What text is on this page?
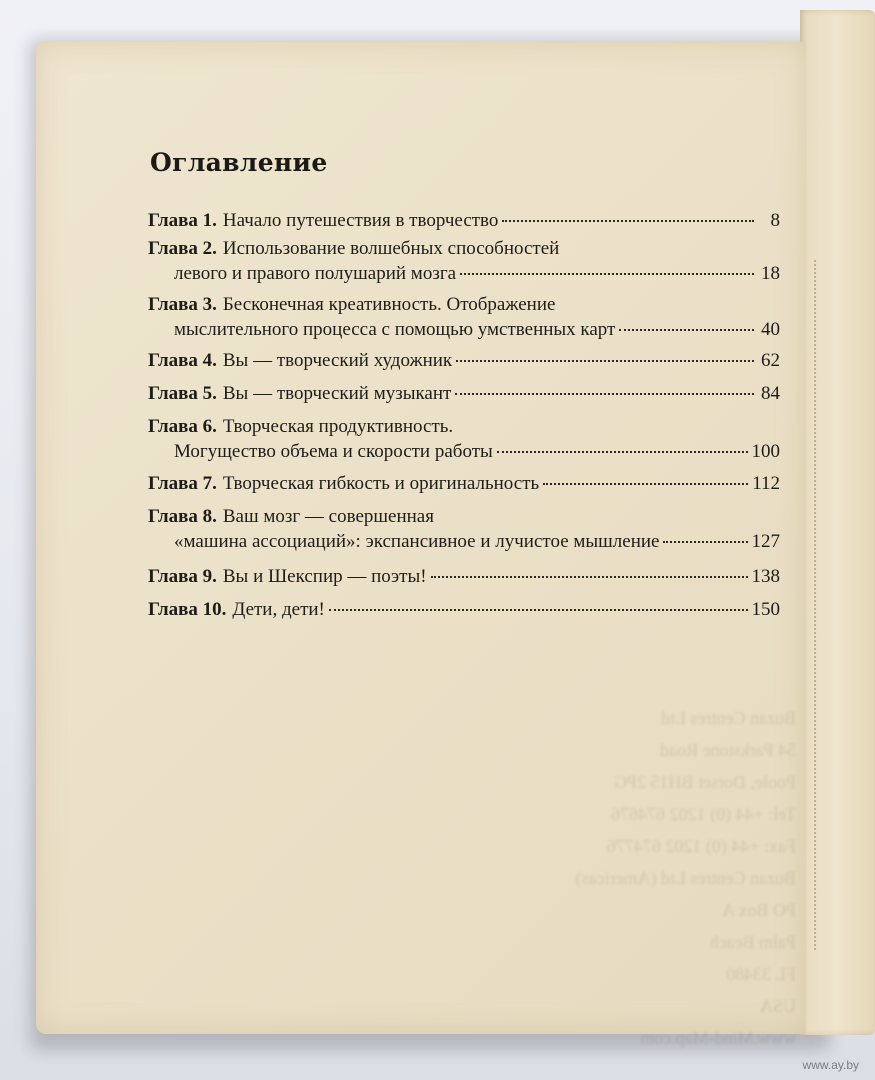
Buzan Centres Ltd
54 Parkstone Road
Poole, Dorset BH15 2PG
Tel: +44 (0) 1202 674676
Fax: +44 (0) 1202 674776
Buzan Centres Ltd (Americas)
PO Box A
Palm Beach
FL 33480
USA
www.Mind-Map.com
Оглавление
Глава 1. Начало путешествия в творчество	8
Глава 2. Использование волшебных способностей
левого и правого полушарий мозга	18
Глава 3. Бесконечная креативность. Отображение
мыслительного процесса с помощью умственных карт	40
Глава 4. Вы — творческий художник	62
Глава 5. Вы — творческий музыкант	84
Глава 6. Творческая продуктивность.
Могущество объема и скорости работы	100
Глава 7. Творческая гибкость и оригинальность	112
Глава 8. Ваш мозг — совершенная
«машина ассоциаций»: экспансивное и лучистое мышление	127
Глава 9. Вы и Шекспир — поэты!	138
Глава 10. Дети, дети!	150
www.ay.by
